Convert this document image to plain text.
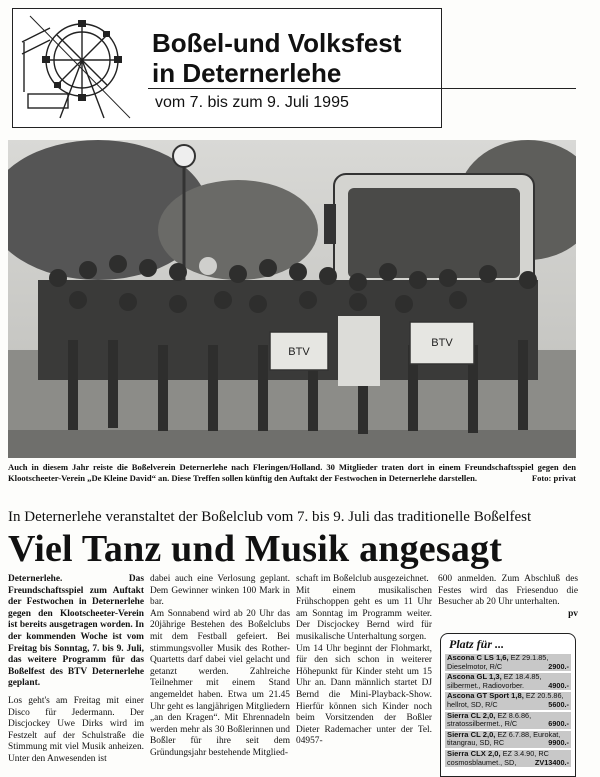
Boßel-und Volksfest
in Deternerlehe
vom 7. bis zum 9. Juli 1995
BTV
BTV
Auch in diesem Jahr reiste die Boßelverein Deternerlehe nach Fleringen/Holland. 30 Mitglieder traten dort in einem Freundschaftsspiel gegen den Klootscheeter-Verein „De Kleine David“ an. Diese Treffen sollen künftig den Auftakt der Festwochen in Deternerlehe darstellen.	Foto: privat
In Deternerlehe veranstaltet der Boßelclub vom 7. bis 9. Juli das traditionelle Boßelfest
Viel Tanz und Musik angesagt

Deternerlehe. Das Freundschaftsspiel zum Auftakt der Festwochen in Deternerlehe gegen den Klootscheeter-Verein ist bereits ausgetragen worden. In der kommenden Woche ist vom Freitag bis Sonntag, 7. bis 9. Juli, das weitere Programm für das Boßelfest des BTV Deternerlehe geplant.

Los geht's am Freitag mit einer Disco für Jedermann. Der Discjockey Uwe Dirks wird im Festzelt auf der Schulstraße die Stimmung mit viel Musik anheizen. Unter den Anwesenden ist

dabei auch eine Verlosung geplant. Dem Gewinner winken 100 Mark in bar.

Am Sonnabend wird ab 20 Uhr das 20jährige Bestehen des Boßelclubs mit dem Festball gefeiert. Bei stimmungsvoller Musik des Rother-Quartetts darf dabei viel gelacht und getanzt werden. Zahlreiche Teilnehmer mit einem Stand angemeldet haben. Etwa um 21.45 Uhr geht es langjährigen Mitgliedern „an den Kragen“. Mit Ehrennadeln werden mehr als 30 Boßlerinnen und Boßler für ihre seit dem Gründungsjahr bestehende Mitglied-

schaft im Boßelclub ausgezeichnet.

Mit einem musikalischen Frühschoppen geht es um 11 Uhr am Sonntag im Programm weiter. Der Discjockey Bernd wird für musikalische Unterhaltung sorgen.

Um 14 Uhr beginnt der Flohmarkt, für den sich schon in weiterer Höhepunkt für Kinder steht um 15 Uhr an. Dann männlich startet DJ Bernd die Mini-Playback-Show. Hierfür können sich Kinder noch beim Vorsitzenden der Boßler Dieter Rademacher unter der Tel. 04957-

600 anmelden. Zum Abschluß des Festes wird das Friesenduo die Besucher ab 20 Uhr unterhalten.

pv

Platz für ...
Ascona C LS 1,6, EZ 29.1.85, Dieselmotor, R/C	2900.-
Ascona GL 1,3, EZ 18.4.85, silbermet., Radiovorber.	4900.-
Ascona GT Sport 1,8, EZ 20.5.86, hellrot, SD, R/C	5600.-
Sierra CL 2,0, EZ 8.6.86, stratossilbermet., R/C	6900.-
Sierra CL 2,0, EZ 6.7.88, Eurokat, titangrau, SD, RC	9900.-
Sierra CLX 2,0, EZ 3.4.90, RC cosmosblaumet., SD,	ZV13400.-
